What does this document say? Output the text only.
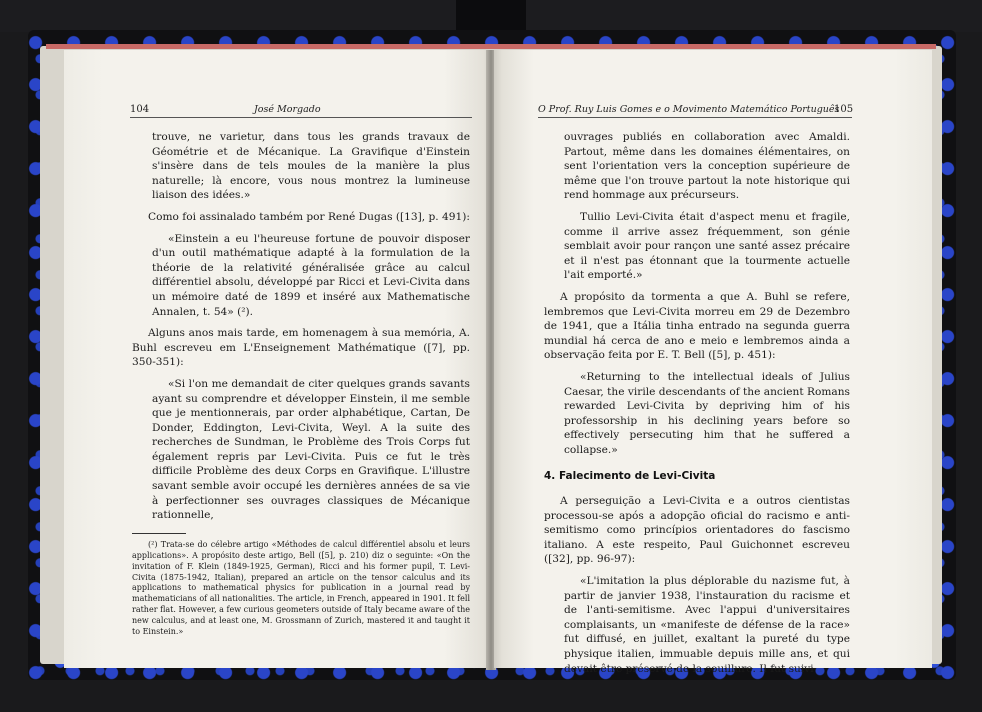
104	José Morgado

trouve, ne varietur, dans tous les grands travaux de Géométrie et de Mécanique. La Gravifique d'Einstein s'insère dans de tels moules de la manière la plus naturelle; là encore, vous nous montrez la lumineuse liaison des idées.»

Como foi assinalado também por René Dugas ([13], p. 491):

«Einstein a eu l'heureuse fortune de pouvoir disposer d'un outil mathématique adapté à la formulation de la théorie de la relativité généralisée grâce au calcul différentiel absolu, développé par Ricci et Levi-Civita dans un mémoire daté de 1899 et inséré aux Mathematische Annalen, t. 54» (²).

Alguns anos mais tarde, em homenagem à sua memória, A. Buhl escreveu em L'Enseignement Mathématique ([7], pp. 350-351):

«Si l'on me demandait de citer quelques grands savants ayant su comprendre et développer Einstein, il me semble que je mentionnerais, par order alphabétique, Cartan, De Donder, Eddington, Levi-Civita, Weyl. A la suite des recherches de Sundman, le Problème des Trois Corps fut également repris par Levi-Civita. Puis ce fut le très difficile Problème des deux Corps en Gravifique. L'illustre savant semble avoir occupé les dernières années de sa vie à perfectionner ses ouvrages classiques de Mécanique rationnelle,

(²) Trata-se do célebre artigo «Méthodes de calcul différentiel absolu et leurs applications». A propósito deste artigo, Bell ([5], p. 210) diz o seguinte: «On the invitation of F. Klein (1849-1925, German), Ricci and his former pupil, T. Levi-Civita (1875-1942, Italian), prepared an article on the tensor calculus and its applications to mathematical physics for publication in a journal read by mathematicians of all nationalities. The article, in French, appeared in 1901. It fell rather flat. However, a few curious geometers outside of Italy became aware of the new calculus, and at least one, M. Grossmann of Zurich, mastered it and taught it to Einstein.»

O Prof. Ruy Luis Gomes e o Movimento Matemático Português
105

ouvrages publiés en collaboration avec Amaldi. Partout, même dans les domaines élémentaires, on sent l'orientation vers la conception supérieure de même que l'on trouve partout la note historique qui rend hommage aux précurseurs.

Tullio Levi-Civita était d'aspect menu et fragile, comme il arrive assez fréquemment, son génie semblait avoir pour rançon une santé assez précaire et il n'est pas étonnant que la tourmente actuelle l'ait emporté.»

A propósito da tormenta a que A. Buhl se refere, lembremos que Levi-Civita morreu em 29 de Dezembro de 1941, que a Itália tinha entrado na segunda guerra mundial há cerca de ano e meio e lembremos ainda a observação feita por E. T. Bell ([5], p. 451):

«Returning to the intellectual ideals of Julius Caesar, the virile descendants of the ancient Romans rewarded Levi-Civita by depriving him of his professorship in his declining years before so effectively persecuting him that he suffered a collapse.»

4. Falecimento de Levi-Civita

A perseguição a Levi-Civita e a outros cientistas processou-se após a adopção oficial do racismo e anti-semitismo como princípios orientadores do fascismo italiano. A este respeito, Paul Guichonnet escreveu ([32], pp. 96-97):

«L'imitation la plus déplorable du nazisme fut, à partir de janvier 1938, l'instauration du racisme et de l'anti-semitisme. Avec l'appui d'universitaires complaisants, un «manifeste de défense de la race» fut diffusé, en juillet, exaltant la pureté du type physique italien, immuable depuis mille ans, et qui devait être préservé de la souillure. Il fut suivi
